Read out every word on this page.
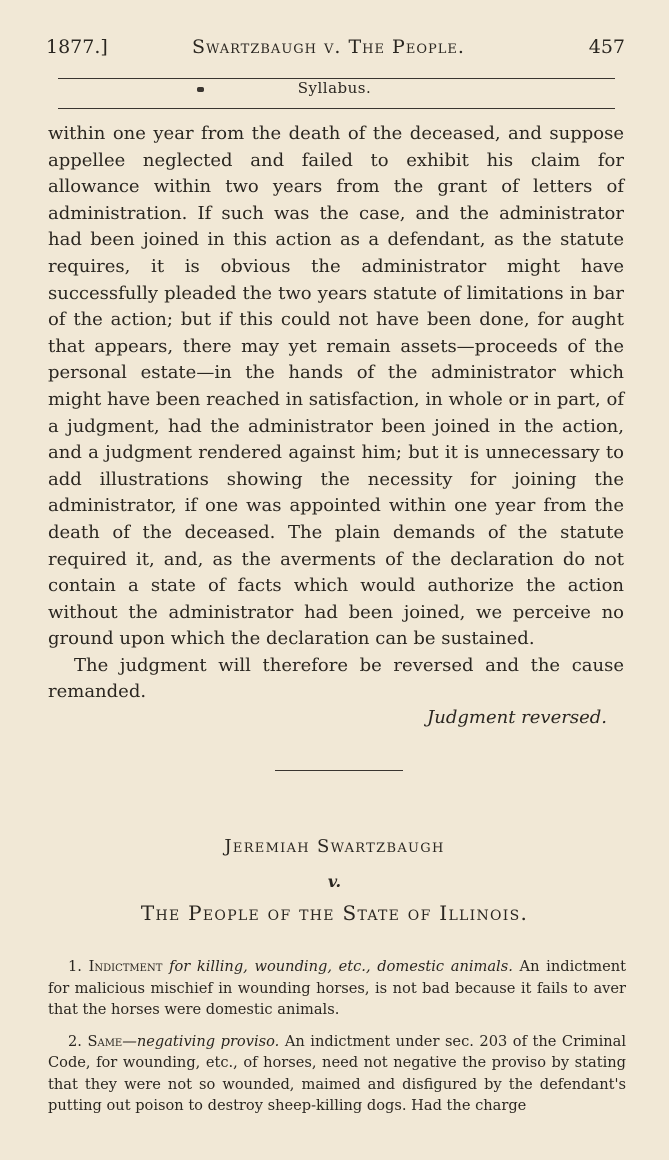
1877.]	Swartzbaugh v. The People.	457
Syllabus.

within one year from the death of the deceased, and suppose appellee neglected and failed to exhibit his claim for allowance within two years from the grant of letters of administration. If such was the case, and the administrator had been joined in this action as a defendant, as the statute requires, it is obvious the administrator might have successfully pleaded the two years statute of limitations in bar of the action; but if this could not have been done, for aught that appears, there may yet remain assets—proceeds of the personal estate—in the hands of the administrator which might have been reached in satisfaction, in whole or in part, of a judgment, had the administrator been joined in the action, and a judgment rendered against him; but it is unnecessary to add illustrations showing the necessity for joining the administrator, if one was appointed within one year from the death of the deceased. The plain demands of the statute required it, and, as the averments of the declaration do not contain a state of facts which would authorize the action without the administrator had been joined, we perceive no ground upon which the declaration can be sustained.

The judgment will therefore be reversed and the cause remanded.

Judgment reversed.
Jeremiah Swartzbaugh
v.
The People of the State of Illinois.

1. Indictment for killing, wounding, etc., domestic animals. An indictment for malicious mischief in wounding horses, is not bad because it fails to aver that the horses were domestic animals.

2. Same—negativing proviso. An indictment under sec. 203 of the Criminal Code, for wounding, etc., of horses, need not negative the proviso by stating that they were not so wounded, maimed and disfigured by the defendant's putting out poison to destroy sheep-killing dogs. Had the charge
